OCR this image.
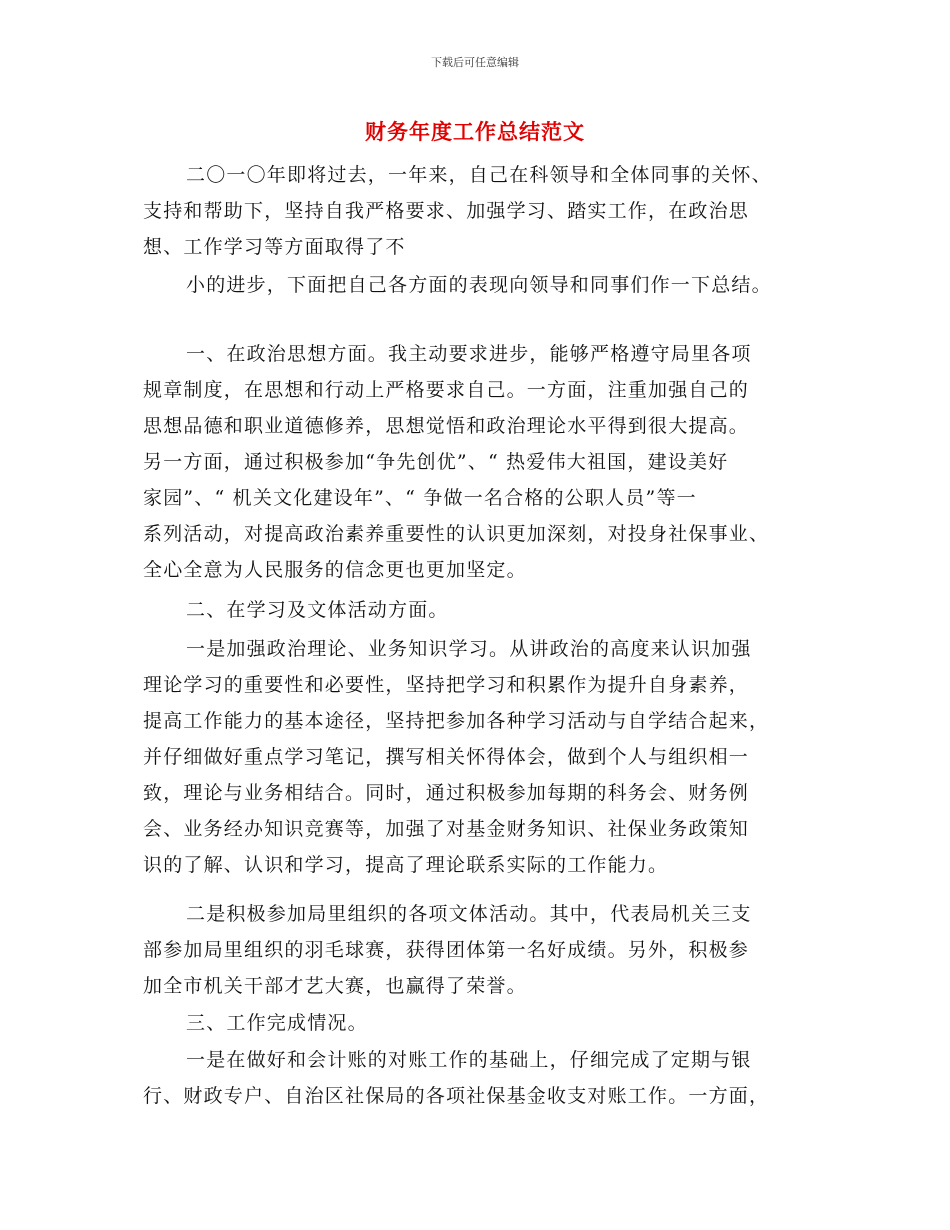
下载后可任意编辑
财务年度工作总结范文
二〇一〇年即将过去，一年来，自己在科领导和全体同事的关怀、
支持和帮助下，坚持自我严格要求、加强学习、踏实工作，在政治思
想、工作学习等方面取得了不
小的进步，下面把自己各方面的表现向领导和同事们作一下总结。
一、在政治思想方面。我主动要求进步，能够严格遵守局里各项
规章制度，在思想和行动上严格要求自己。一方面，注重加强自己的
思想品德和职业道德修养，思想觉悟和政治理论水平得到很大提高。
另一方面，通过积极参加“争先创优”、“ 热爱伟大祖国，建设美好
家园”、“ 机关文化建设年”、“ 争做一名合格的公职人员”等一
系列活动，对提高政治素养重要性的认识更加深刻，对投身社保事业、
全心全意为人民服务的信念更也更加坚定。
二、在学习及文体活动方面。
一是加强政治理论、业务知识学习。从讲政治的高度来认识加强
理论学习的重要性和必要性，坚持把学习和积累作为提升自身素养，
提高工作能力的基本途径，坚持把参加各种学习活动与自学结合起来，
并仔细做好重点学习笔记，撰写相关怀得体会，做到个人与组织相一
致，理论与业务相结合。同时，通过积极参加每期的科务会、财务例
会、业务经办知识竞赛等，加强了对基金财务知识、社保业务政策知
识的了解、认识和学习，提高了理论联系实际的工作能力。
二是积极参加局里组织的各项文体活动。其中，代表局机关三支
部参加局里组织的羽毛球赛，获得团体第一名好成绩。另外，积极参
加全市机关干部才艺大赛，也赢得了荣誉。
三、工作完成情况。
一是在做好和会计账的对账工作的基础上，仔细完成了定期与银
行、财政专户、自治区社保局的各项社保基金收支对账工作。一方面，
